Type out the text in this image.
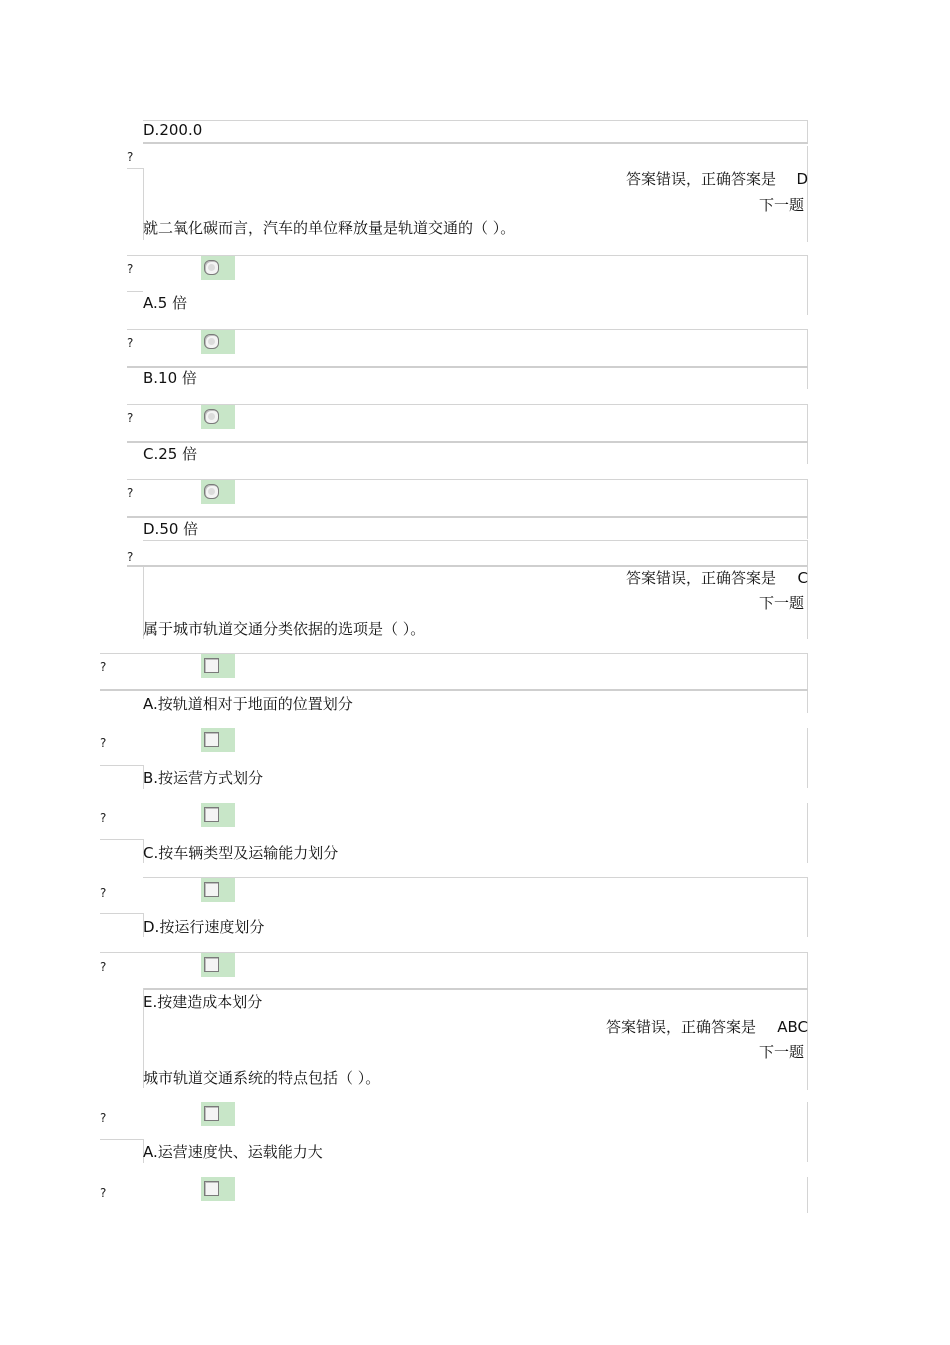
D.200.0
?
答案错误，正确答案是 D
下一题
就二氧化碳而言，汽车的单位释放量是轨道交通的（ ）。
?
A.5 倍
?
B.10 倍
?
C.25 倍
?
D.50 倍
?
答案错误，正确答案是 C
下一题
属于城市轨道交通分类依据的选项是（ ）。
?
A.按轨道相对于地面的位置划分
?
B.按运营方式划分
?
C.按车辆类型及运输能力划分
?
D.按运行速度划分
?
E.按建造成本划分
答案错误，正确答案是 ABC
下一题
城市轨道交通系统的特点包括（ ）。
?
A.运营速度快、运载能力大
?
